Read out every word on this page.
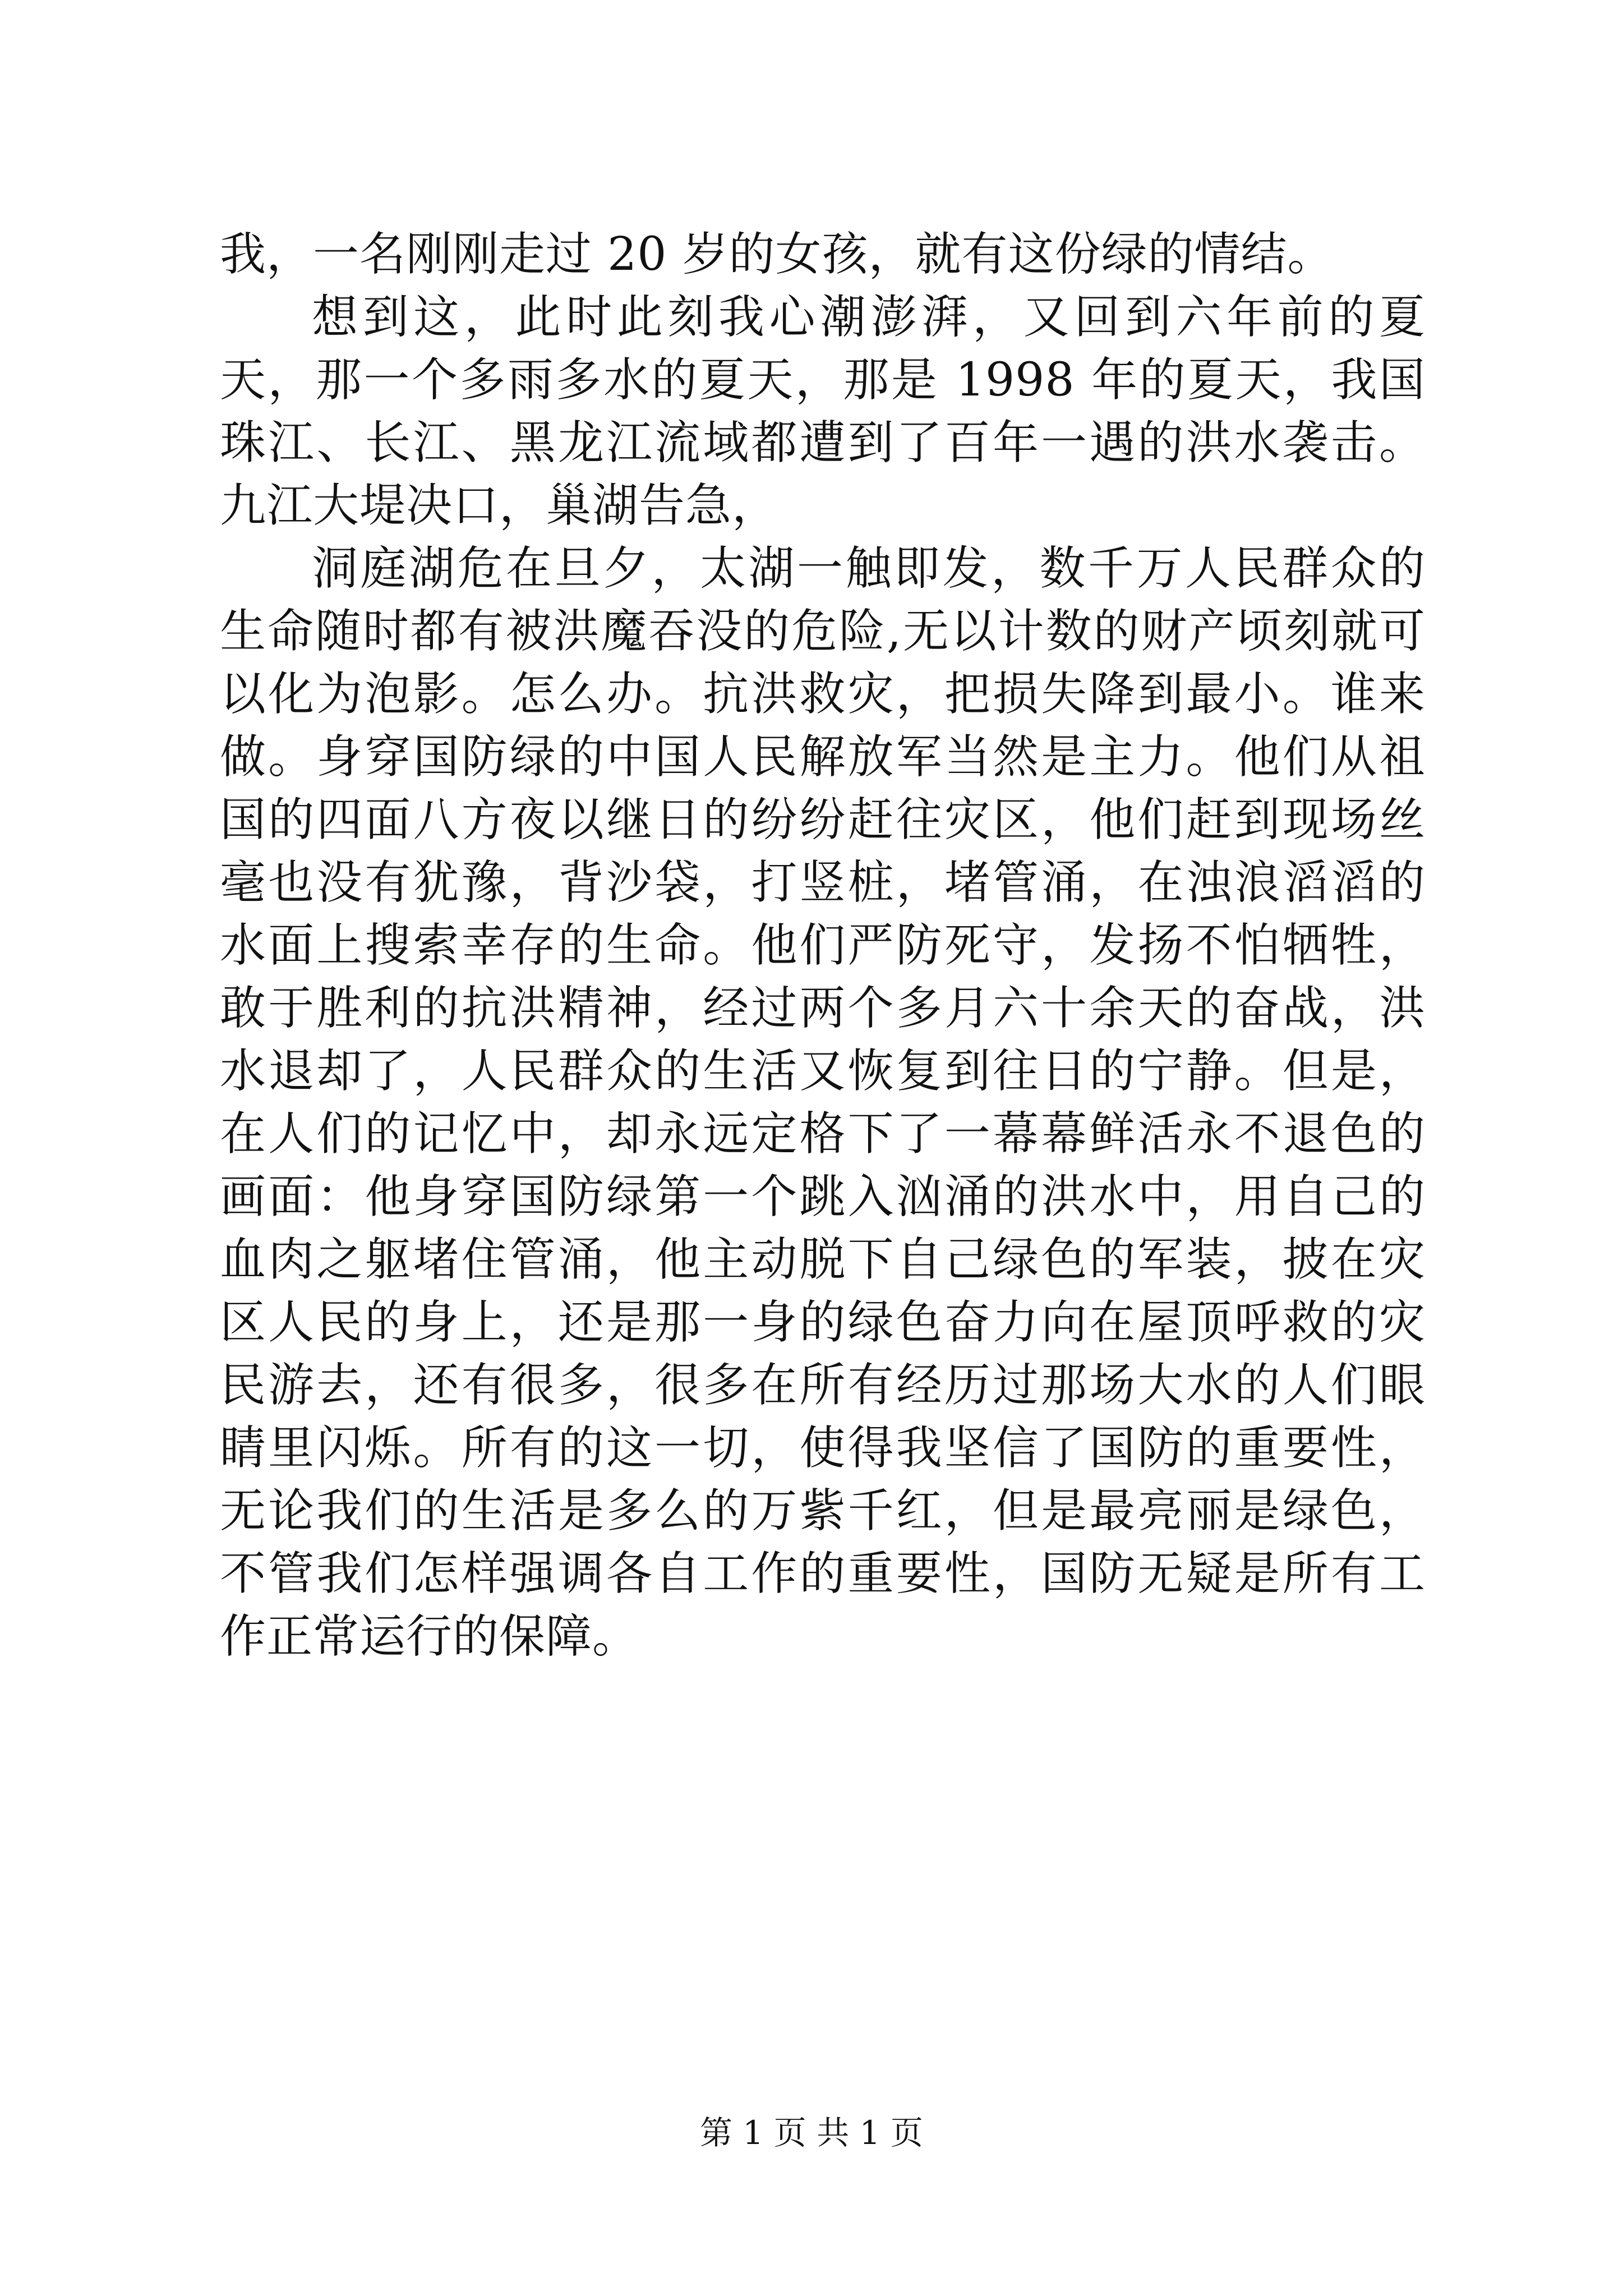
我，一名刚刚走过 20 岁的女孩，就有这份绿的情结。

想到这，此时此刻我心潮澎湃，又回到六年前的夏天，那一个多雨多水的夏天，那是 1998 年的夏天，我国珠江、长江、黑龙江流域都遭到了百年一遇的洪水袭击。九江大堤决口，巢湖告急，

洞庭湖危在旦夕，太湖一触即发，数千万人民群众的生命随时都有被洪魔吞没的危险,无以计数的财产顷刻就可以化为泡影。怎么办。抗洪救灾，把损失降到最小。谁来做。身穿国防绿的中国人民解放军当然是主力。他们从祖国的四面八方夜以继日的纷纷赶往灾区，他们赶到现场丝毫也没有犹豫，背沙袋，打竖桩，堵管涌，在浊浪滔滔的水面上搜索幸存的生命。他们严防死守，发扬不怕牺牲，敢于胜利的抗洪精神，经过两个多月六十余天的奋战，洪水退却了，人民群众的生活又恢复到往日的宁静。但是，在人们的记忆中，却永远定格下了一幕幕鲜活永不退色的画面：他身穿国防绿第一个跳入汹涌的洪水中，用自己的血肉之躯堵住管涌，他主动脱下自己绿色的军装，披在灾区人民的身上，还是那一身的绿色奋力向在屋顶呼救的灾民游去，还有很多，很多在所有经历过那场大水的人们眼睛里闪烁。所有的这一切，使得我坚信了国防的重要性，无论我们的生活是多么的万紫千红，但是最亮丽是绿色，不管我们怎样强调各自工作的重要性，国防无疑是所有工作正常运行的保障。

第 1 页 共 1 页
